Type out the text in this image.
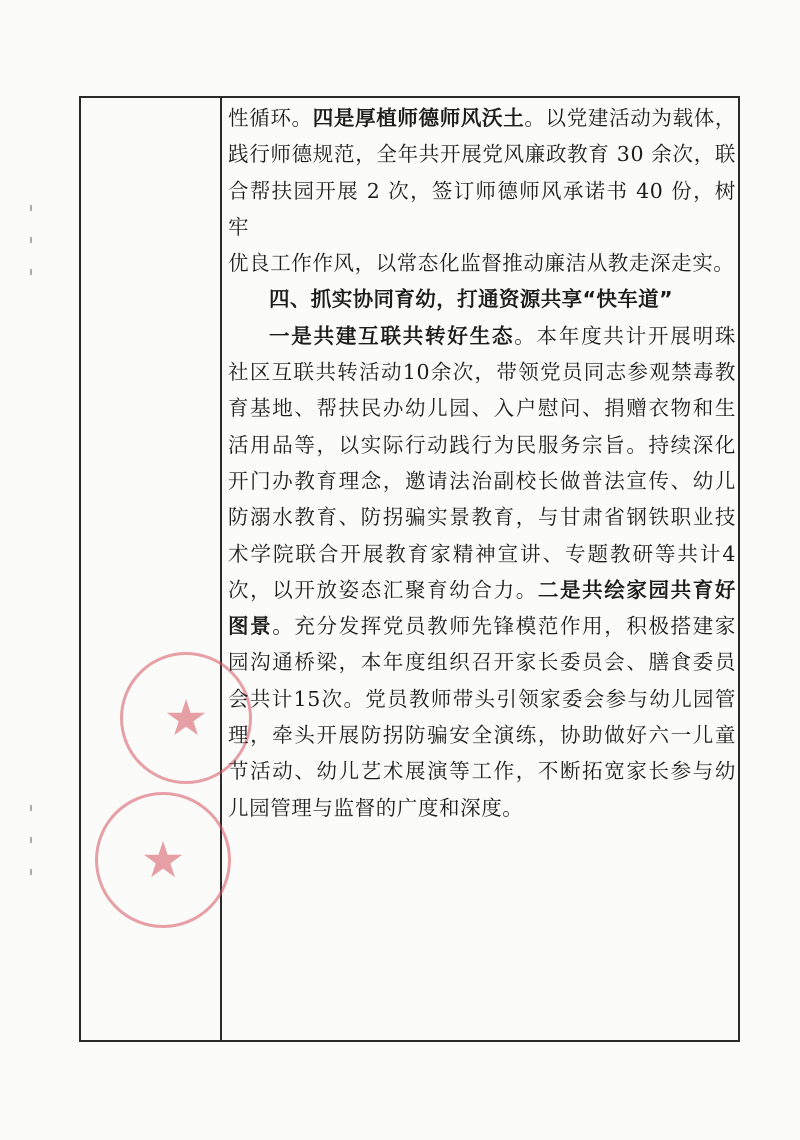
★
★
性循环。四是厚植师德师风沃土。以党建活动为载体，
践行师德规范，全年共开展党风廉政教育 30 余次，联
合帮扶园开展 2 次，签订师德师风承诺书 40 份，树牢
优良工作作风，以常态化监督推动廉洁从教走深走实。
四、抓实协同育幼，打通资源共享“快车道”
一是共建互联共转好生态。本年度共计开展明珠
社区互联共转活动10余次，带领党员同志参观禁毒教
育基地、帮扶民办幼儿园、入户慰问、捐赠衣物和生
活用品等，以实际行动践行为民服务宗旨。持续深化
开门办教育理念，邀请法治副校长做普法宣传、幼儿
防溺水教育、防拐骗实景教育，与甘肃省钢铁职业技
术学院联合开展教育家精神宣讲、专题教研等共计4
次，以开放姿态汇聚育幼合力。二是共绘家园共育好
图景。充分发挥党员教师先锋模范作用，积极搭建家
园沟通桥梁，本年度组织召开家长委员会、膳食委员
会共计15次。党员教师带头引领家委会参与幼儿园管
理，牵头开展防拐防骗安全演练，协助做好六一儿童
节活动、幼儿艺术展演等工作，不断拓宽家长参与幼
儿园管理与监督的广度和深度。
